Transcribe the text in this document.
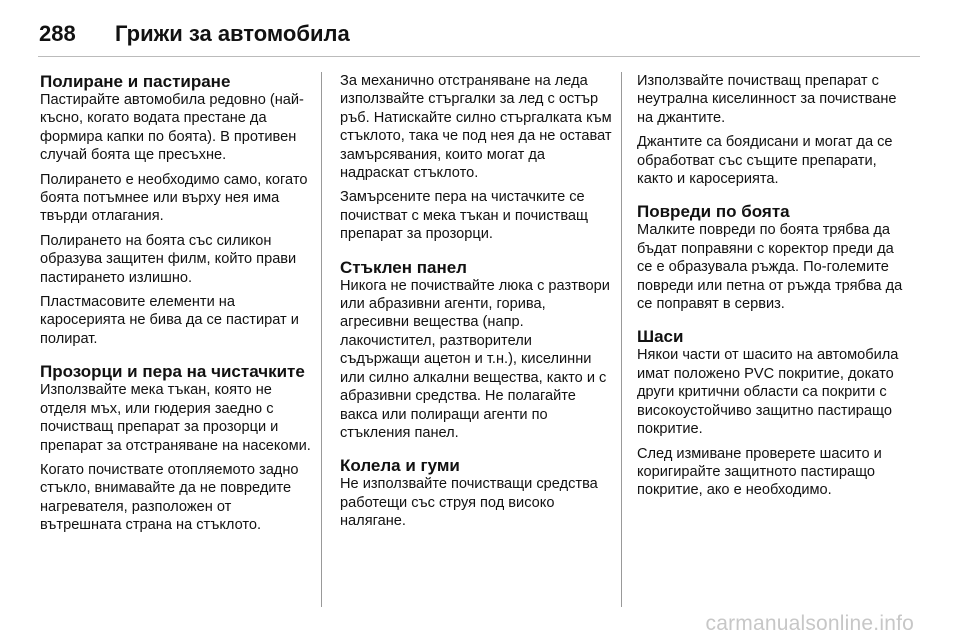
288	Грижи за автомобила
Полиране и пастиране

Пастирайте автомобила редовно (най-късно, когато водата престане да формира капки по боята). В противен случай боята ще пресъхне.

Полирането е необходимо само, когато боята потъмнее или върху нея има твърди отлагания.

Полирането на боята със силикон образува защитен филм, който прави пастирането излишно.

Пластмасовите елементи на каросерията не бива да се пастират и полират.

Прозорци и пера на чистачките

Използвайте мека тъкан, която не отделя мъх, или гюдерия заедно с почистващ препарат за прозорци и препарат за отстраняване на насекоми.

Когато почиствате отопляемото задно стъкло, внимавайте да не повредите нагревателя, разположен от вътрешната страна на стъклото.

За механично отстраняване на леда използвайте стъргалки за лед с остър ръб. Натискайте силно стъргалката към стъклото, така че под нея да не остават замърсявания, които могат да надраскат стъклото.

Замърсените пера на чистачките се почистват с мека тъкан и почистващ препарат за прозорци.

Стъклен панел

Никога не почиствайте люка с разтвори или абразивни агенти, горива, агресивни вещества (напр. лакочистител, разтворители съдържащи ацетон и т.н.), киселинни или силно алкални вещества, както и с абразивни средства. Не полагайте вакса или полиращи агенти по стъкления панел.

Колела и гуми

Не използвайте почистващи средства работещи със струя под високо налягане.

Използвайте почистващ препарат с неутрална киселинност за почистване на джантите.

Джантите са боядисани и могат да се обработват със същите препарати, както и каросерията.

Повреди по боята

Малките повреди по боята трябва да бъдат поправяни с коректор преди да се е образувала ръжда. По-големите повреди или петна от ръжда трябва да се поправят в сервиз.

Шаси

Някои части от шасито на автомобила имат положено PVC покритие, докато други критични области са покрити с високоустойчиво защитно пастиращо покритие.

След измиване проверете шасито и коригирайте защитното пастиращо покритие, ако е необходимо.

carmanualsonline.info
